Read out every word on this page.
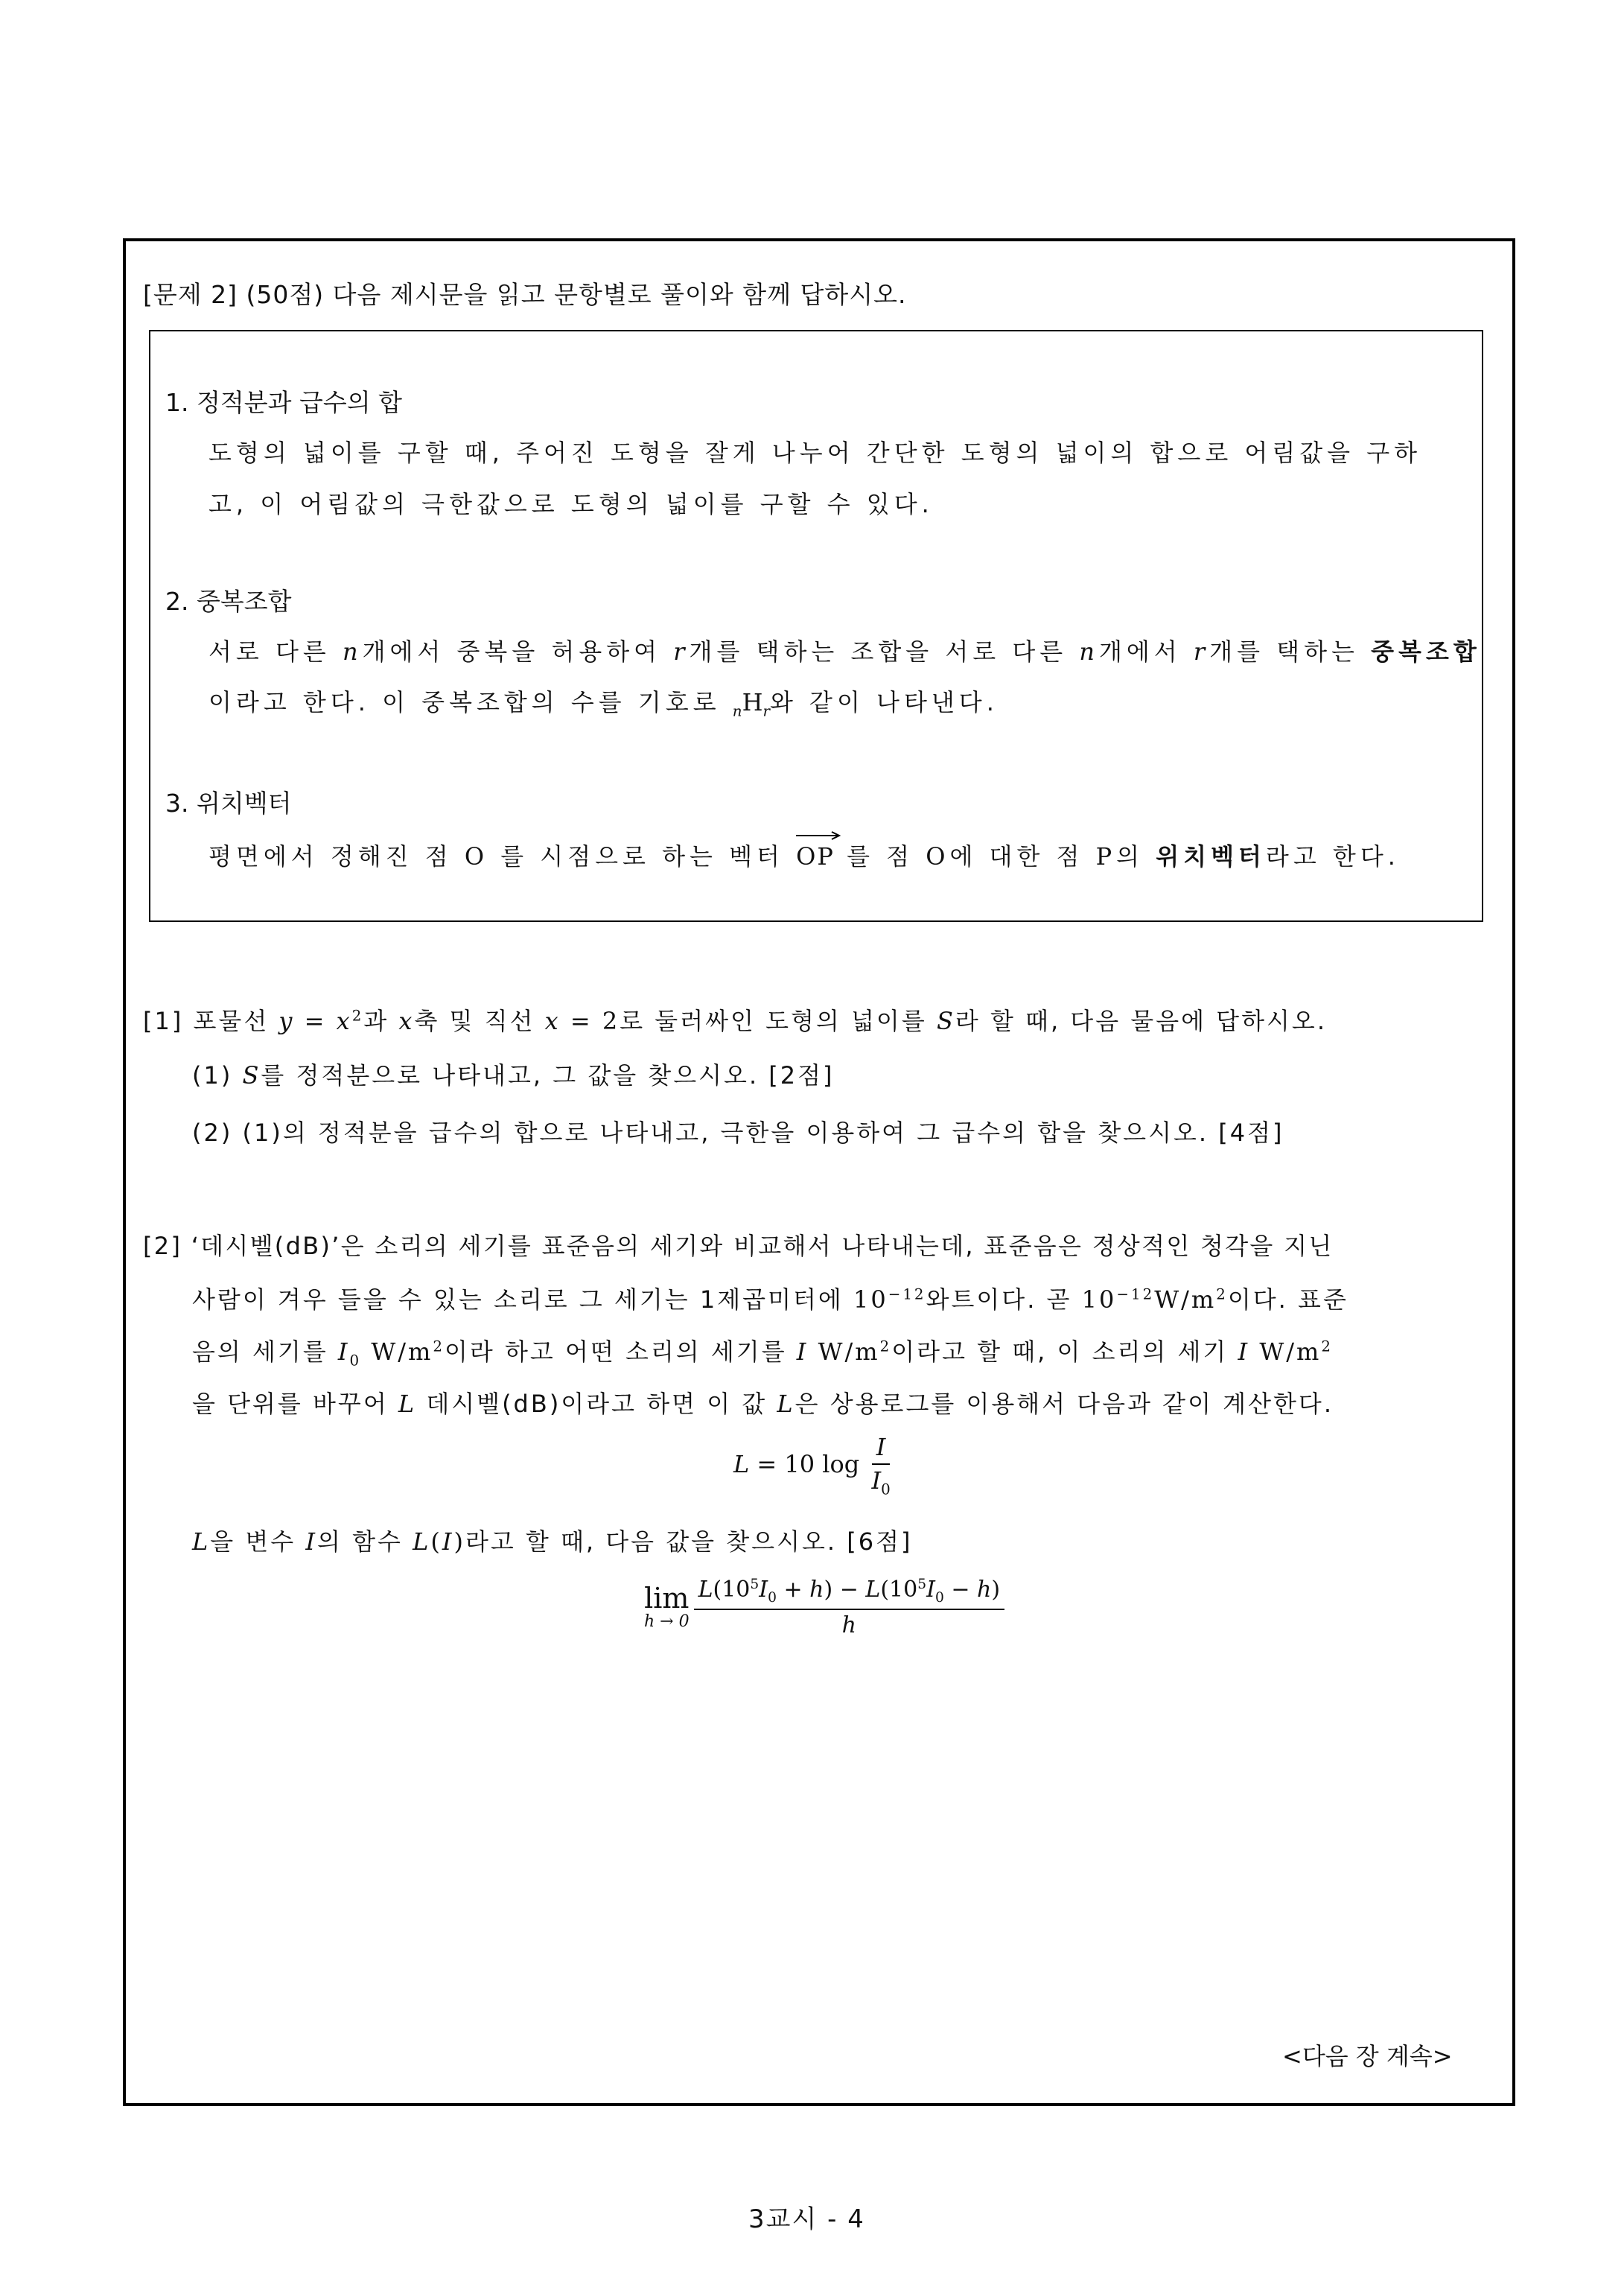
[문제 2] (50점) 다음 제시문을 읽고 문항별로 풀이와 함께 답하시오.
1. 정적분과 급수의 합
도형의 넓이를 구할 때, 주어진 도형을 잘게 나누어 간단한 도형의 넓이의 합으로 어림값을 구하
고, 이 어림값의 극한값으로 도형의 넓이를 구할 수 있다.
2. 중복조합
서로 다른 n개에서 중복을 허용하여 r개를 택하는 조합을 서로 다른 n개에서 r개를 택하는 중복조합
이라고 한다. 이 중복조합의 수를 기호로 $_nH_r$와 같이 나타낸다.
3. 위치벡터
평면에서 정해진 점 O 를 시점으로 하는 벡터 OP 를 점 O에 대한 점 P의 위치벡터라고 한다.
[1] 포물선 $y = x^2$과 x축 및 직선 x = 2로 둘러싸인 도형의 넓이를 S라 할 때, 다음 물음에 답하시오.
(1) S를 정적분으로 나타내고, 그 값을 찾으시오. [2점]
(2) (1)의 정적분을 급수의 합으로 나타내고, 극한을 이용하여 그 급수의 합을 찾으시오. [4점]
[2] ‘데시벨(dB)’은 소리의 세기를 표준음의 세기와 비교해서 나타내는데, 표준음은 정상적인 청각을 지닌
사람이 겨우 들을 수 있는 소리로 그 세기는 1제곱미터에 $10^{-12}$와트이다. 곧 $10^{-12}W/m^2$이다. 표준
음의 세기를 $I_0$ $W/m^2$이라 하고 어떤 소리의 세기를 I $W/m^2$이라고 할 때, 이 소리의 세기 I $W/m^2$
을 단위를 바꾸어 L 데시벨(dB)이라고 하면 이 값 L은 상용로그를 이용해서 다음과 같이 계산한다.
L = 10 $\log \frac{I}{I_0}$
L을 변수 I의 함수 L(I)라고 할 때, 다음 값을 찾으시오. [6점]
lim
$h \to 0 \frac{L(10^5I_0 + h) - L(10^5I_0 - h)}{h}$
<다음 장 계속>
3교시 - 4
